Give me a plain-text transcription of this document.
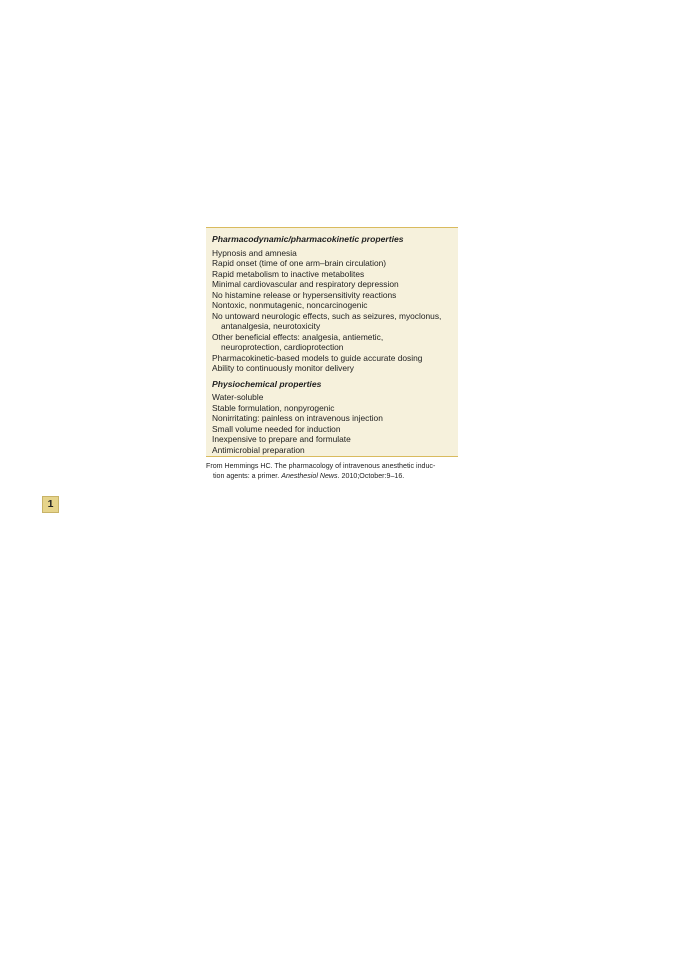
Pharmacodynamic/pharmacokinetic properties
Hypnosis and amnesia
Rapid onset (time of one arm–brain circulation)
Rapid metabolism to inactive metabolites
Minimal cardiovascular and respiratory depression
No histamine release or hypersensitivity reactions
Nontoxic, nonmutagenic, noncarcinogenic
No untoward neurologic effects, such as seizures, myoclonus,
antanalgesia, neurotoxicity
Other beneficial effects: analgesia, antiemetic,
neuroprotection, cardioprotection
Pharmacokinetic-based models to guide accurate dosing
Ability to continuously monitor delivery
Physiochemical properties
Water-soluble
Stable formulation, nonpyrogenic
Nonirritating: painless on intravenous injection
Small volume needed for induction
Inexpensive to prepare and formulate
Antimicrobial preparation
From Hemmings HC. The pharmacology of intravenous anesthetic induc-
tion agents: a primer. Anesthesiol News. 2010;October:9–16.
1
